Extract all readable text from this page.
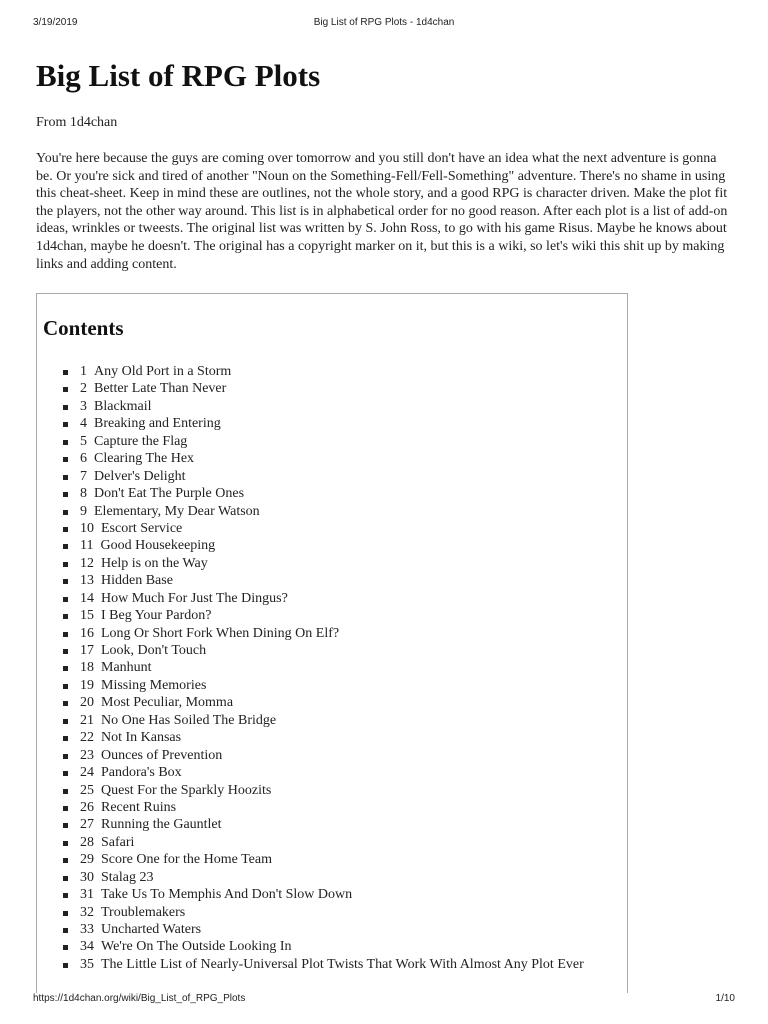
3/19/2019	Big List of RPG Plots - 1d4chan
Big List of RPG Plots

From 1d4chan

You're here because the guys are coming over tomorrow and you still don't have an idea what the next adventure is gonna be. Or you're sick and tired of another "Noun on the Something-Fell/Fell-Something" adventure. There's no shame in using this cheat-sheet. Keep in mind these are outlines, not the whole story, and a good RPG is character driven. Make the plot fit the players, not the other way around. This list is in alphabetical order for no good reason. After each plot is a list of add-on ideas, wrinkles or tweests. The original list was written by S. John Ross, to go with his game Risus. Maybe he knows about 1d4chan, maybe he doesn't. The original has a copyright marker on it, but this is a wiki, so let's wiki this shit up by making links and adding content.

Contents
1 Any Old Port in a Storm
2 Better Late Than Never
3 Blackmail
4 Breaking and Entering
5 Capture the Flag
6 Clearing The Hex
7 Delver's Delight
8 Don't Eat The Purple Ones
9 Elementary, My Dear Watson
10 Escort Service
11 Good Housekeeping
12 Help is on the Way
13 Hidden Base
14 How Much For Just The Dingus?
15 I Beg Your Pardon?
16 Long Or Short Fork When Dining On Elf?
17 Look, Don't Touch
18 Manhunt
19 Missing Memories
20 Most Peculiar, Momma
21 No One Has Soiled The Bridge
22 Not In Kansas
23 Ounces of Prevention
24 Pandora's Box
25 Quest For the Sparkly Hoozits
26 Recent Ruins
27 Running the Gauntlet
28 Safari
29 Score One for the Home Team
30 Stalag 23
31 Take Us To Memphis And Don't Slow Down
32 Troublemakers
33 Uncharted Waters
34 We're On The Outside Looking In
35 The Little List of Nearly-Universal Plot Twists That Work With Almost Any Plot Ever
https://1d4chan.org/wiki/Big_List_of_RPG_Plots	1/10
